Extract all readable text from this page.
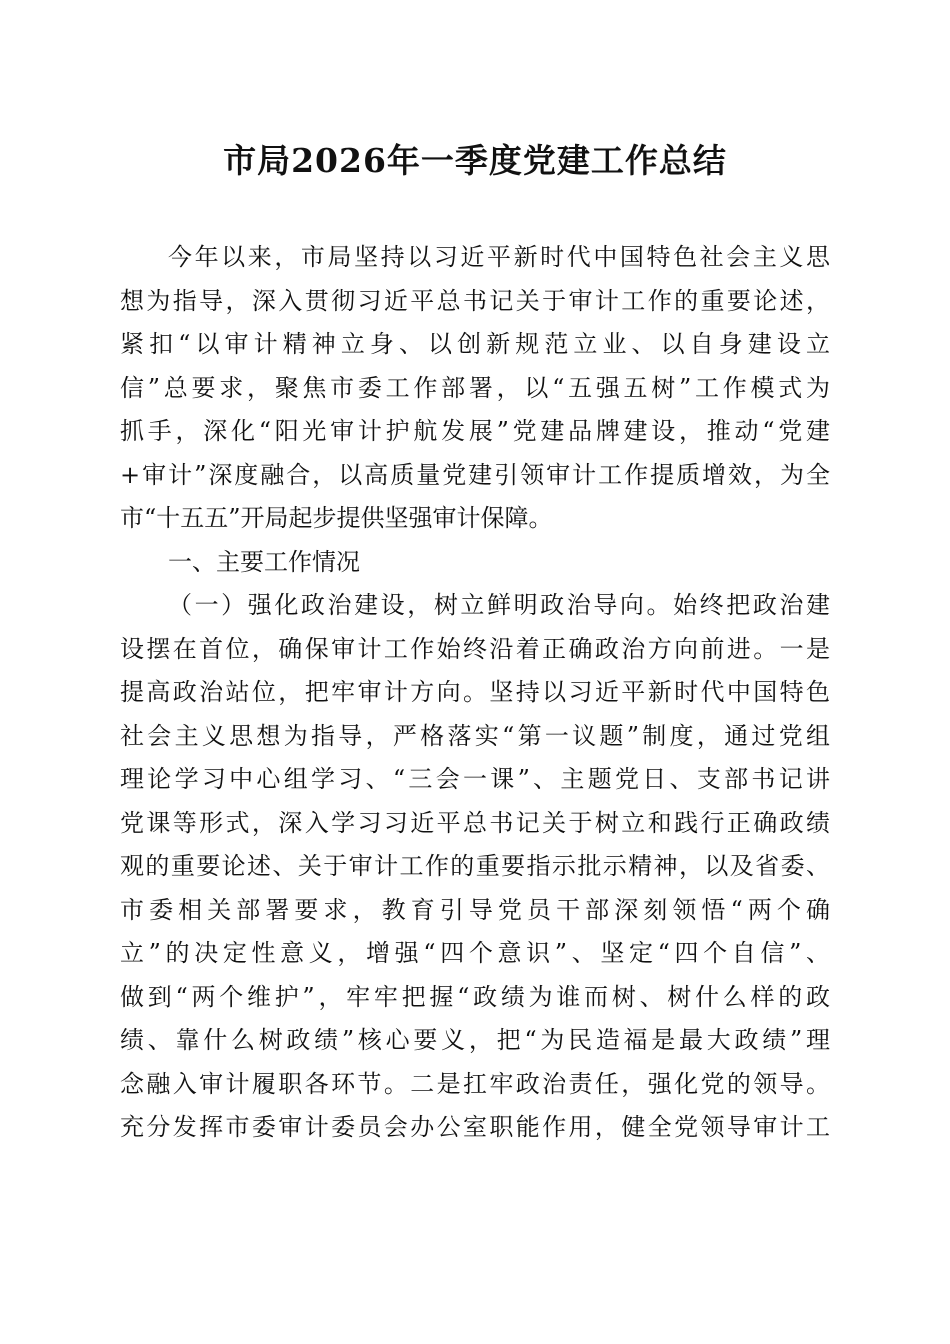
市局2026年一季度党建工作总结
今年以来，市局坚持以习近平新时代中国特色社会主义思
想为指导，深入贯彻习近平总书记关于审计工作的重要论述，
紧扣“以审计精神立身、以创新规范立业、以自身建设立
信”总要求，聚焦市委工作部署，以“五强五树”工作模式为
抓手，深化“阳光审计护航发展”党建品牌建设，推动“党建
+审计”深度融合，以高质量党建引领审计工作提质增效，为全
市“十五五”开局起步提供坚强审计保障。
一、主要工作情况
（一）强化政治建设，树立鲜明政治导向。始终把政治建
设摆在首位，确保审计工作始终沿着正确政治方向前进。一是
提高政治站位，把牢审计方向。坚持以习近平新时代中国特色
社会主义思想为指导，严格落实“第一议题”制度，通过党组
理论学习中心组学习、“三会一课”、主题党日、支部书记讲
党课等形式，深入学习习近平总书记关于树立和践行正确政绩
观的重要论述、关于审计工作的重要指示批示精神，以及省委、
市委相关部署要求，教育引导党员干部深刻领悟“两个确
立”的决定性意义，增强“四个意识”、坚定“四个自信”、
做到“两个维护”，牢牢把握“政绩为谁而树、树什么样的政
绩、靠什么树政绩”核心要义，把“为民造福是最大政绩”理
念融入审计履职各环节。二是扛牢政治责任，强化党的领导。
充分发挥市委审计委员会办公室职能作用，健全党领导审计工
